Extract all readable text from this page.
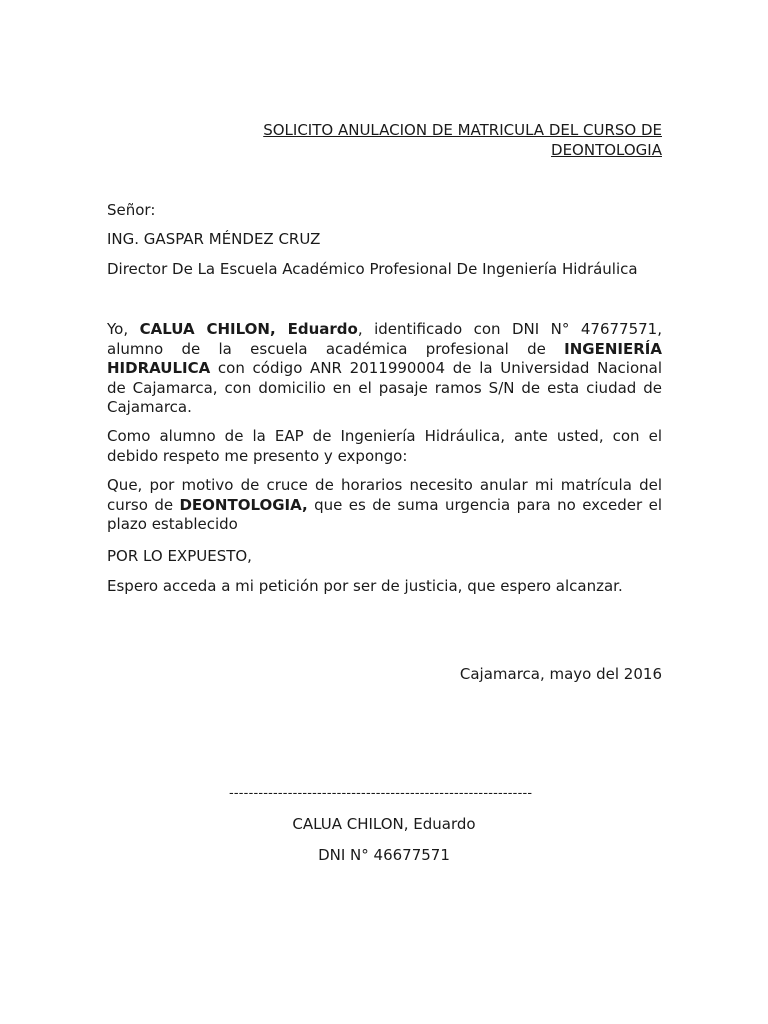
SOLICITO ANULACION DE MATRICULA DEL CURSO DE
DEONTOLOGIA
Señor:
ING. GASPAR MÉNDEZ CRUZ
Director De La Escuela Académico Profesional De Ingeniería Hidráulica
Yo, CALUA CHILON, Eduardo, identificado con DNI N° 47677571, alumno de la escuela académica profesional de INGENIERÍA HIDRAULICA con código ANR 2011990004 de la Universidad Nacional de Cajamarca, con domicilio en el pasaje ramos S/N de esta ciudad de Cajamarca.
Como alumno de la EAP de Ingeniería Hidráulica, ante usted, con el debido respeto me presento y expongo:
Que, por motivo de cruce de horarios necesito anular mi matrícula del curso de DEONTOLOGIA, que es de suma urgencia para no exceder el plazo establecido
POR LO EXPUESTO,
Espero acceda a mi petición por ser de justicia, que espero alcanzar.
Cajamarca, mayo del 2016
--------------------------------------------------------------
CALUA CHILON, Eduardo
DNI N° 46677571
